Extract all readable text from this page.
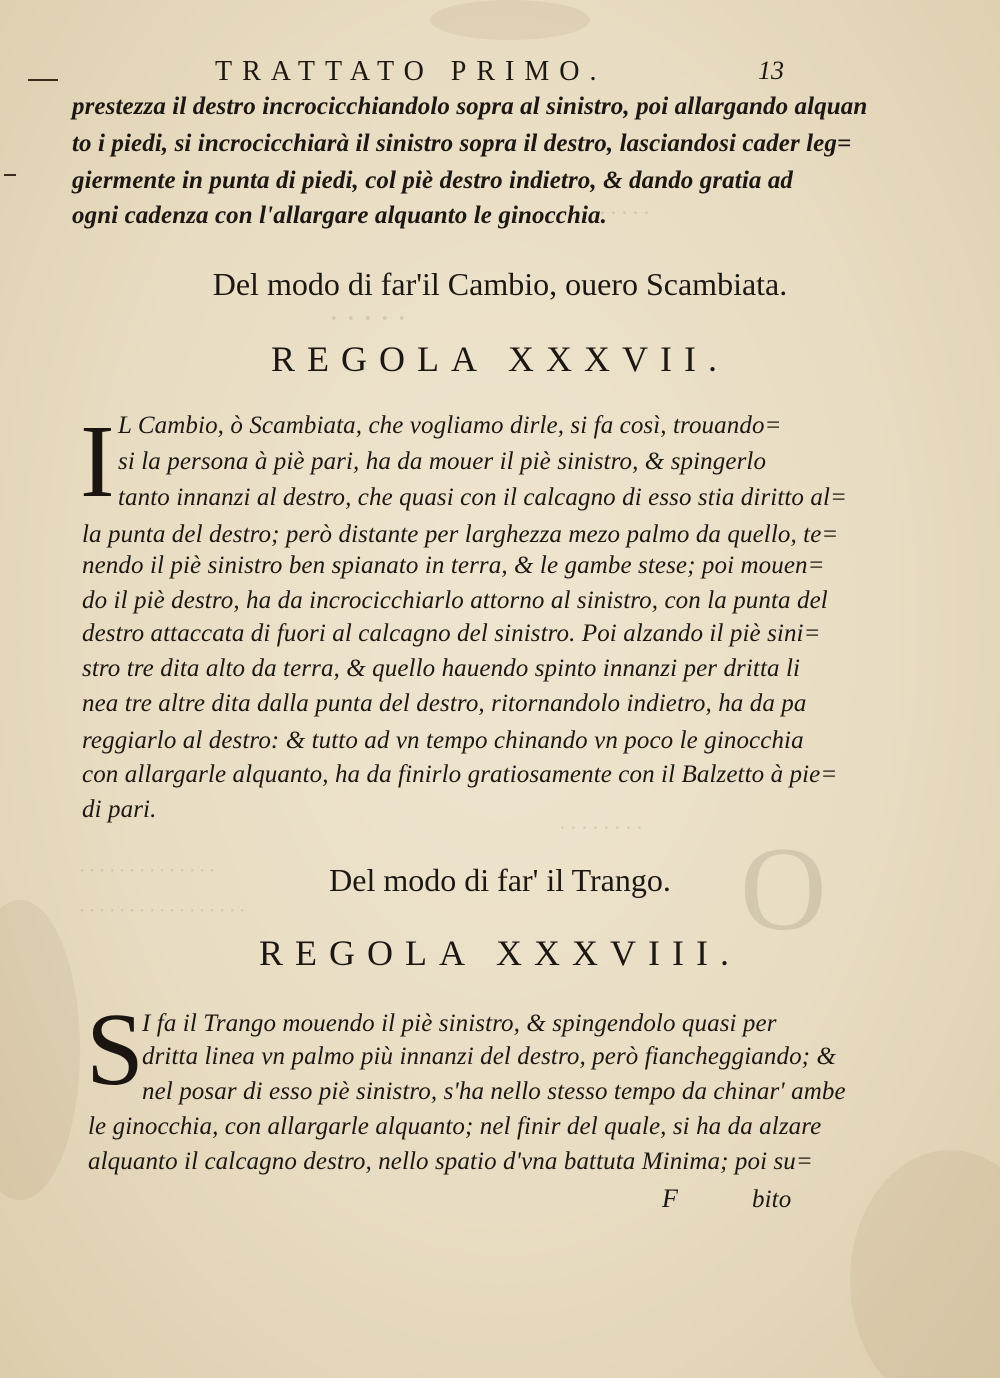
· · · · ·
· · · · ·
· · · · · · · ·
· · · · · · · · · · · · · ·
· · · · · · · · · · · · · · · · ·	O
TRATTATO PRIMO.	13
prestezza il destro incrocicchiandolo sopra al sinistro, poi allargando alquan
to i piedi, si incrocicchiarà il sinistro sopra il destro, lasciandosi cader leg=
giermente in punta di piedi, col piè destro indietro, & dando gratia ad
ogni cadenza con l'allargare alquanto le ginocchia.
Del modo di far'il Cambio, ouero Scambiata.
REGOLA XXXVII.
I L Cambio, ò Scambiata, che vogliamo dirle, si fa così, trouando=
si la persona à piè pari, ha da mouer il piè sinistro, & spingerlo
tanto innanzi al destro, che quasi con il calcagno di esso stia diritto al=
la punta del destro; però distante per larghezza mezo palmo da quello, te=
nendo il piè sinistro ben spianato in terra, & le gambe stese; poi mouen=
do il piè destro, ha da incrocicchiarlo attorno al sinistro, con la punta del
destro attaccata di fuori al calcagno del sinistro. Poi alzando il piè sini=
stro tre dita alto da terra, & quello hauendo spinto innanzi per dritta li
nea tre altre dita dalla punta del destro, ritornandolo indietro, ha da pa
reggiarlo al destro: & tutto ad vn tempo chinando vn poco le ginocchia
con allargarle alquanto, ha da finirlo gratiosamente con il Balzetto à pie=
di pari.
Del modo di far' il Trango.
REGOLA XXXVIII.
S
I fa il Trango mouendo il piè sinistro, & spingendolo quasi per
dritta linea vn palmo più innanzi del destro, però fiancheggiando; &
nel posar di esso piè sinistro, s'ha nello stesso tempo da chinar' ambe
le ginocchia, con allargarle alquanto; nel finir del quale, si ha da alzare
alquanto il calcagno destro, nello spatio d'vna battuta Minima; poi su=
F	bito
